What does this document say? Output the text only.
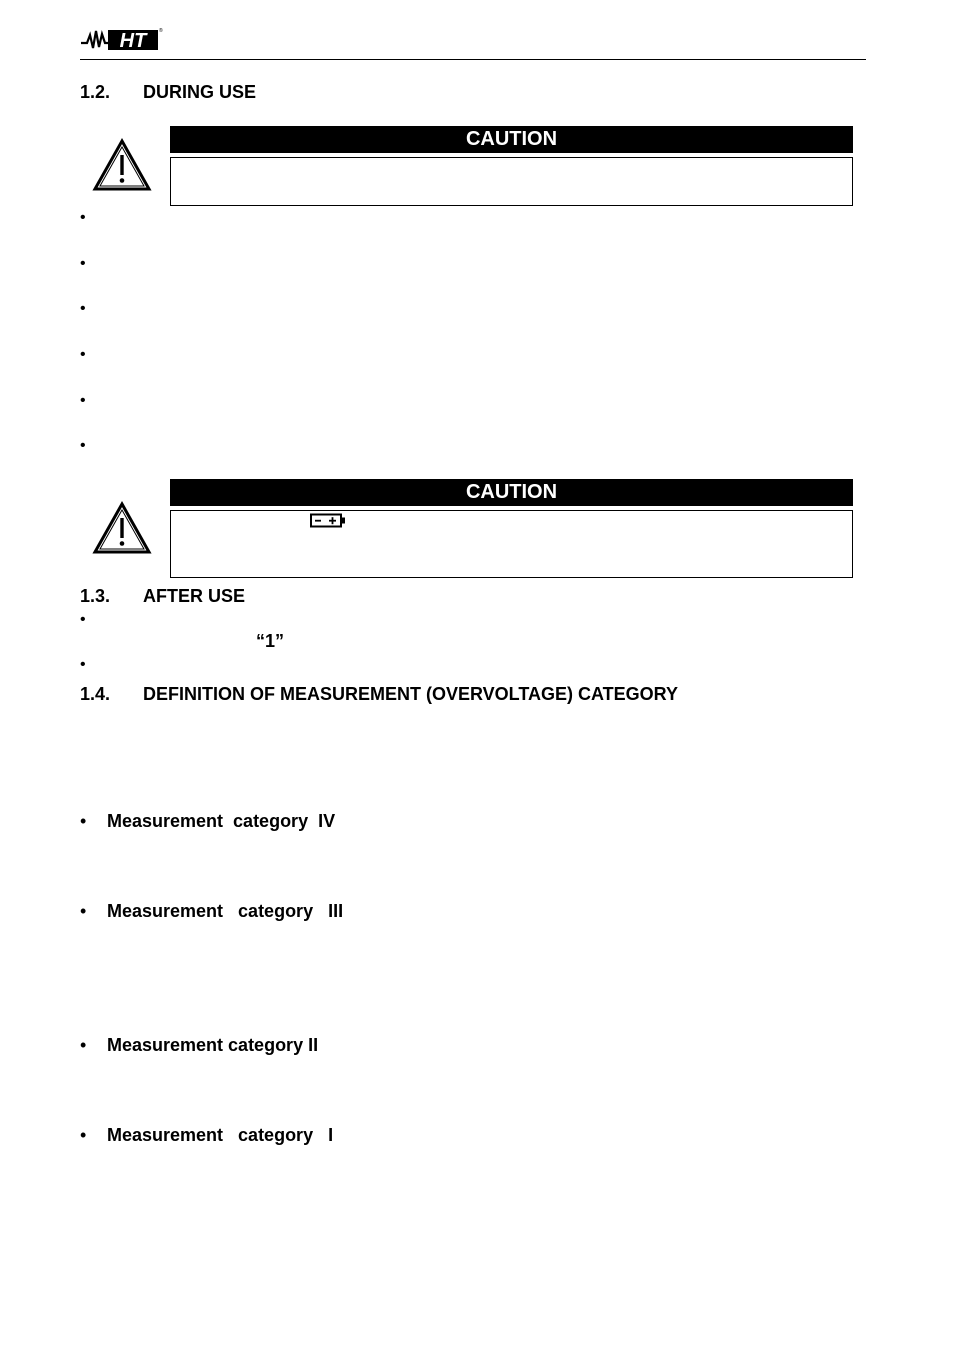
HT	®
1.2. DURING USE
CAUTION
•
•
•
•
•
•
CAUTION
1.3. AFTER USE
•
“1”
•
1.4. DEFINITION OF MEASUREMENT (OVERVOLTAGE) CATEGORY
• Measurement  category  IV
• Measurement   category   III
• Measurement category II
• Measurement   category   I
